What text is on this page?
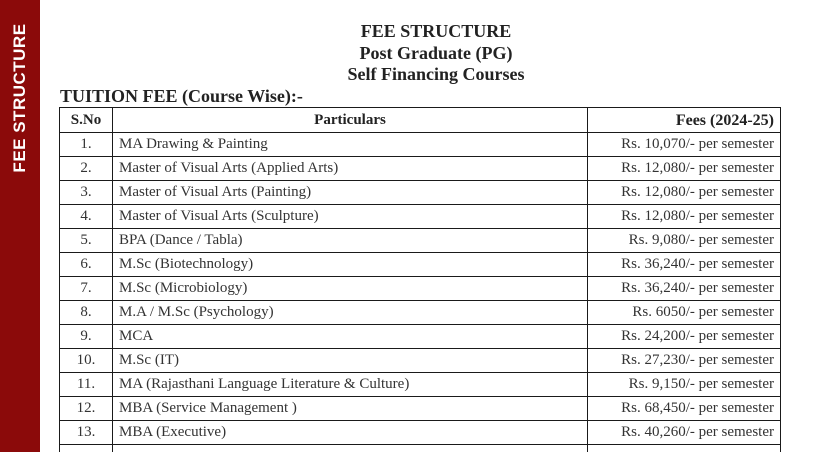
FEE STRUCTURE	FEE STRUCTURE
Post Graduate (PG)
Self Financing Courses
TUITION FEE (Course Wise):-
S.No	Particulars	Fees (2024-25)
1.	MA Drawing & Painting	Rs. 10,070/- per semester
2.	Master of Visual Arts (Applied Arts)	Rs. 12,080/- per semester
3.	Master of Visual Arts (Painting)	Rs. 12,080/- per semester
4.	Master of Visual Arts (Sculpture)	Rs. 12,080/- per semester
5.	BPA (Dance / Tabla)	Rs. 9,080/- per semester
6.	M.Sc (Biotechnology)	Rs. 36,240/- per semester
7.	M.Sc (Microbiology)	Rs. 36,240/- per semester
8.	M.A / M.Sc (Psychology)	Rs. 6050/- per semester
9.	MCA	Rs. 24,200/- per semester
10.	M.Sc (IT)	Rs. 27,230/- per semester
11.	MA (Rajasthani Language Literature & Culture)	Rs. 9,150/- per semester
12.	MBA (Service Management )	Rs. 68,450/- per semester
13.	MBA (Executive)	Rs. 40,260/- per semester
